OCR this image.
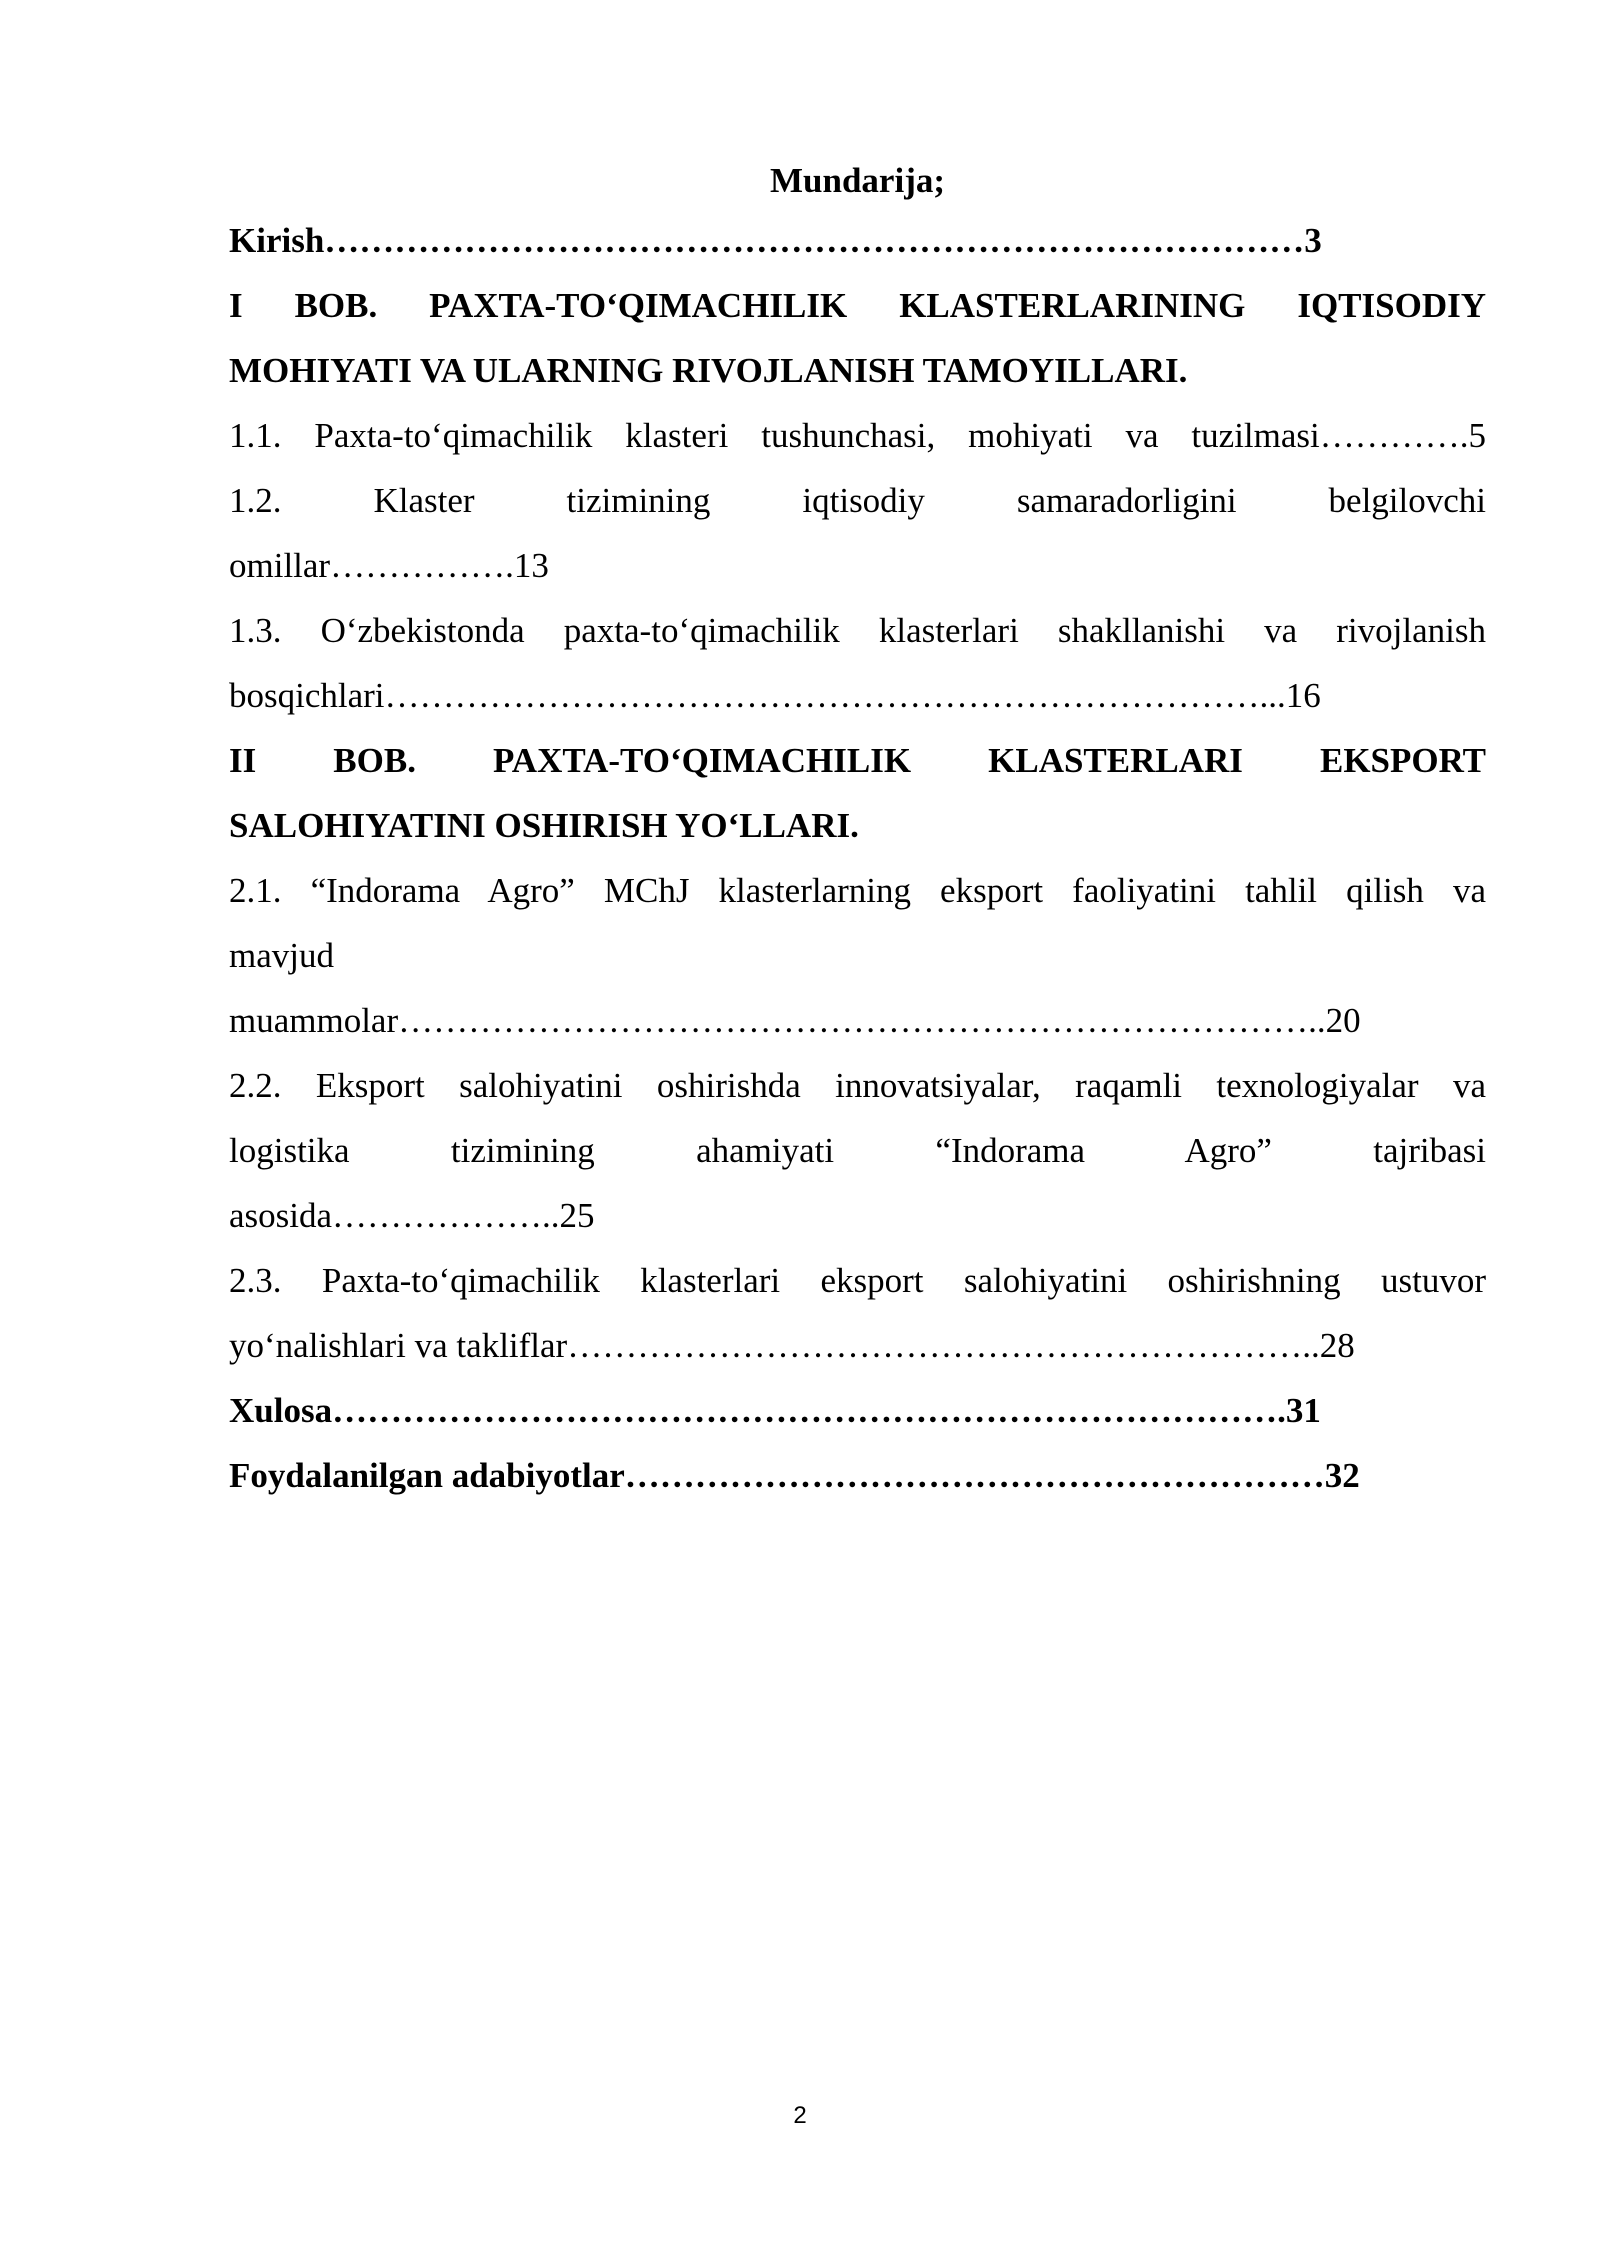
Mundarija;
Kirish…………………………………………………………………………3
I BOB. PAXTA-TO‘QIMACHILIK KLASTERLARINING IQTISODIY
MOHIYATI VA ULARNING RIVOJLANISH TAMOYILLARI.
1.1. Paxta-to‘qimachilik klasteri tushunchasi, mohiyati va tuzilmasi………….5
1.2. Klaster tizimining iqtisodiy samaradorligini belgilovchi
omillar…………….13
1.3. O‘zbekistonda paxta-to‘qimachilik klasterlari shakllanishi va rivojlanish
bosqichlari…………………………………………………………………...16
II BOB. PAXTA-TO‘QIMACHILIK KLASTERLARI EKSPORT
SALOHIYATINI OSHIRISH YO‘LLARI.
2.1. “Indorama Agro” MChJ klasterlarning eksport faoliyatini tahlil qilish va
mavjud
muammolar……………………………………………………………………..20
2.2. Eksport salohiyatini oshirishda innovatsiyalar, raqamli texnologiyalar va
logistika tizimining ahamiyati “Indorama Agro” tajribasi
asosida………………..25
2.3. Paxta-to‘qimachilik klasterlari eksport salohiyatini oshirishning ustuvor
yo‘nalishlari va takliflar………………………………………………………..28
Xulosa……………………………………………………………………….31
Foydalanilgan adabiyotlar……………………………………………………32
2
